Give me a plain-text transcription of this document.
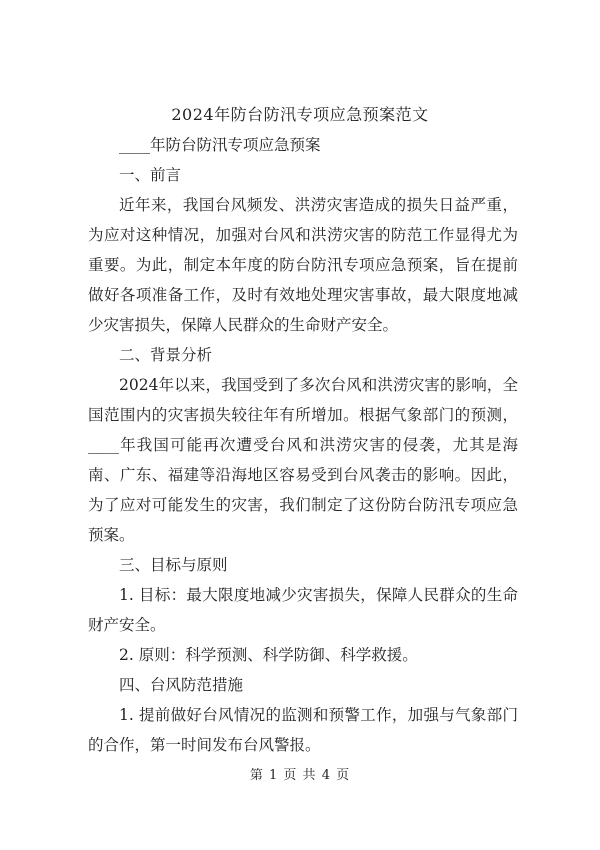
2024年防台防汛专项应急预案范文

____年防台防汛专项应急预案

一、前言

近年来，我国台风频发、洪涝灾害造成的损失日益严重，为应对这种情况，加强对台风和洪涝灾害的防范工作显得尤为重要。为此，制定本年度的防台防汛专项应急预案，旨在提前做好各项准备工作，及时有效地处理灾害事故，最大限度地减少灾害损失，保障人民群众的生命财产安全。

二、背景分析

2024年以来，我国受到了多次台风和洪涝灾害的影响，全国范围内的灾害损失较往年有所增加。根据气象部门的预测，____年我国可能再次遭受台风和洪涝灾害的侵袭，尤其是海南、广东、福建等沿海地区容易受到台风袭击的影响。因此，为了应对可能发生的灾害，我们制定了这份防台防汛专项应急预案。

三、目标与原则

1. 目标：最大限度地减少灾害损失，保障人民群众的生命财产安全。

2. 原则：科学预测、科学防御、科学救援。

四、台风防范措施

1. 提前做好台风情况的监测和预警工作，加强与气象部门的合作，第一时间发布台风警报。

第 1 页 共 4 页
